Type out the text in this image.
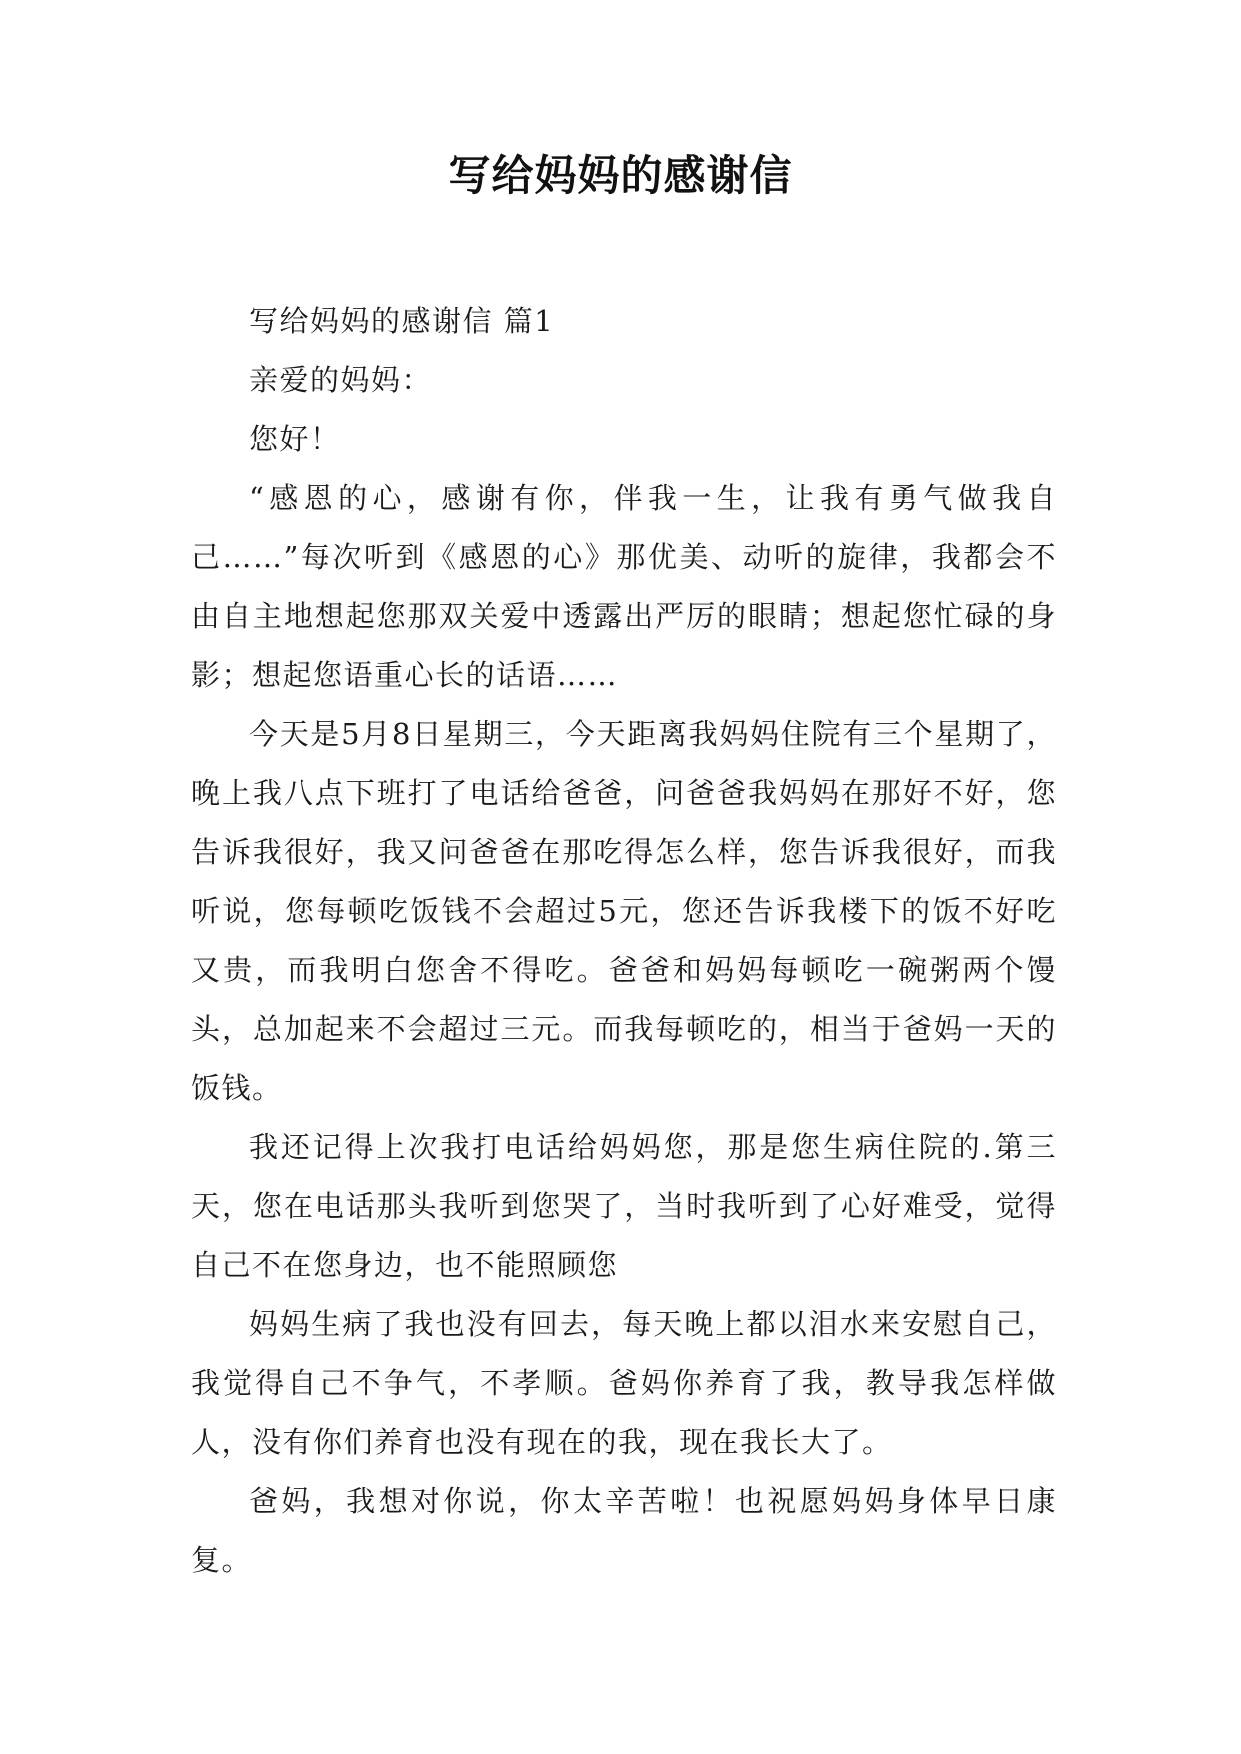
写给妈妈的感谢信

写给妈妈的感谢信 篇1

亲爱的妈妈：

您好！

“感恩的心，感谢有你，伴我一生，让我有勇气做我自己……”每次听到《感恩的心》那优美、动听的旋律，我都会不由自主地想起您那双关爱中透露出严厉的眼睛；想起您忙碌的身影；想起您语重心长的话语……

今天是5月8日星期三，今天距离我妈妈住院有三个星期了，晚上我八点下班打了电话给爸爸，问爸爸我妈妈在那好不好，您告诉我很好，我又问爸爸在那吃得怎么样，您告诉我很好，而我听说，您每顿吃饭钱不会超过5元，您还告诉我楼下的饭不好吃又贵，而我明白您舍不得吃。爸爸和妈妈每顿吃一碗粥两个馒头，总加起来不会超过三元。而我每顿吃的，相当于爸妈一天的饭钱。

我还记得上次我打电话给妈妈您，那是您生病住院的.第三天，您在电话那头我听到您哭了，当时我听到了心好难受，觉得自己不在您身边，也不能照顾您

妈妈生病了我也没有回去，每天晚上都以泪水来安慰自己，我觉得自己不争气，不孝顺。爸妈你养育了我，教导我怎样做人，没有你们养育也没有现在的我，现在我长大了。

爸妈，我想对你说，你太辛苦啦！也祝愿妈妈身体早日康复。
